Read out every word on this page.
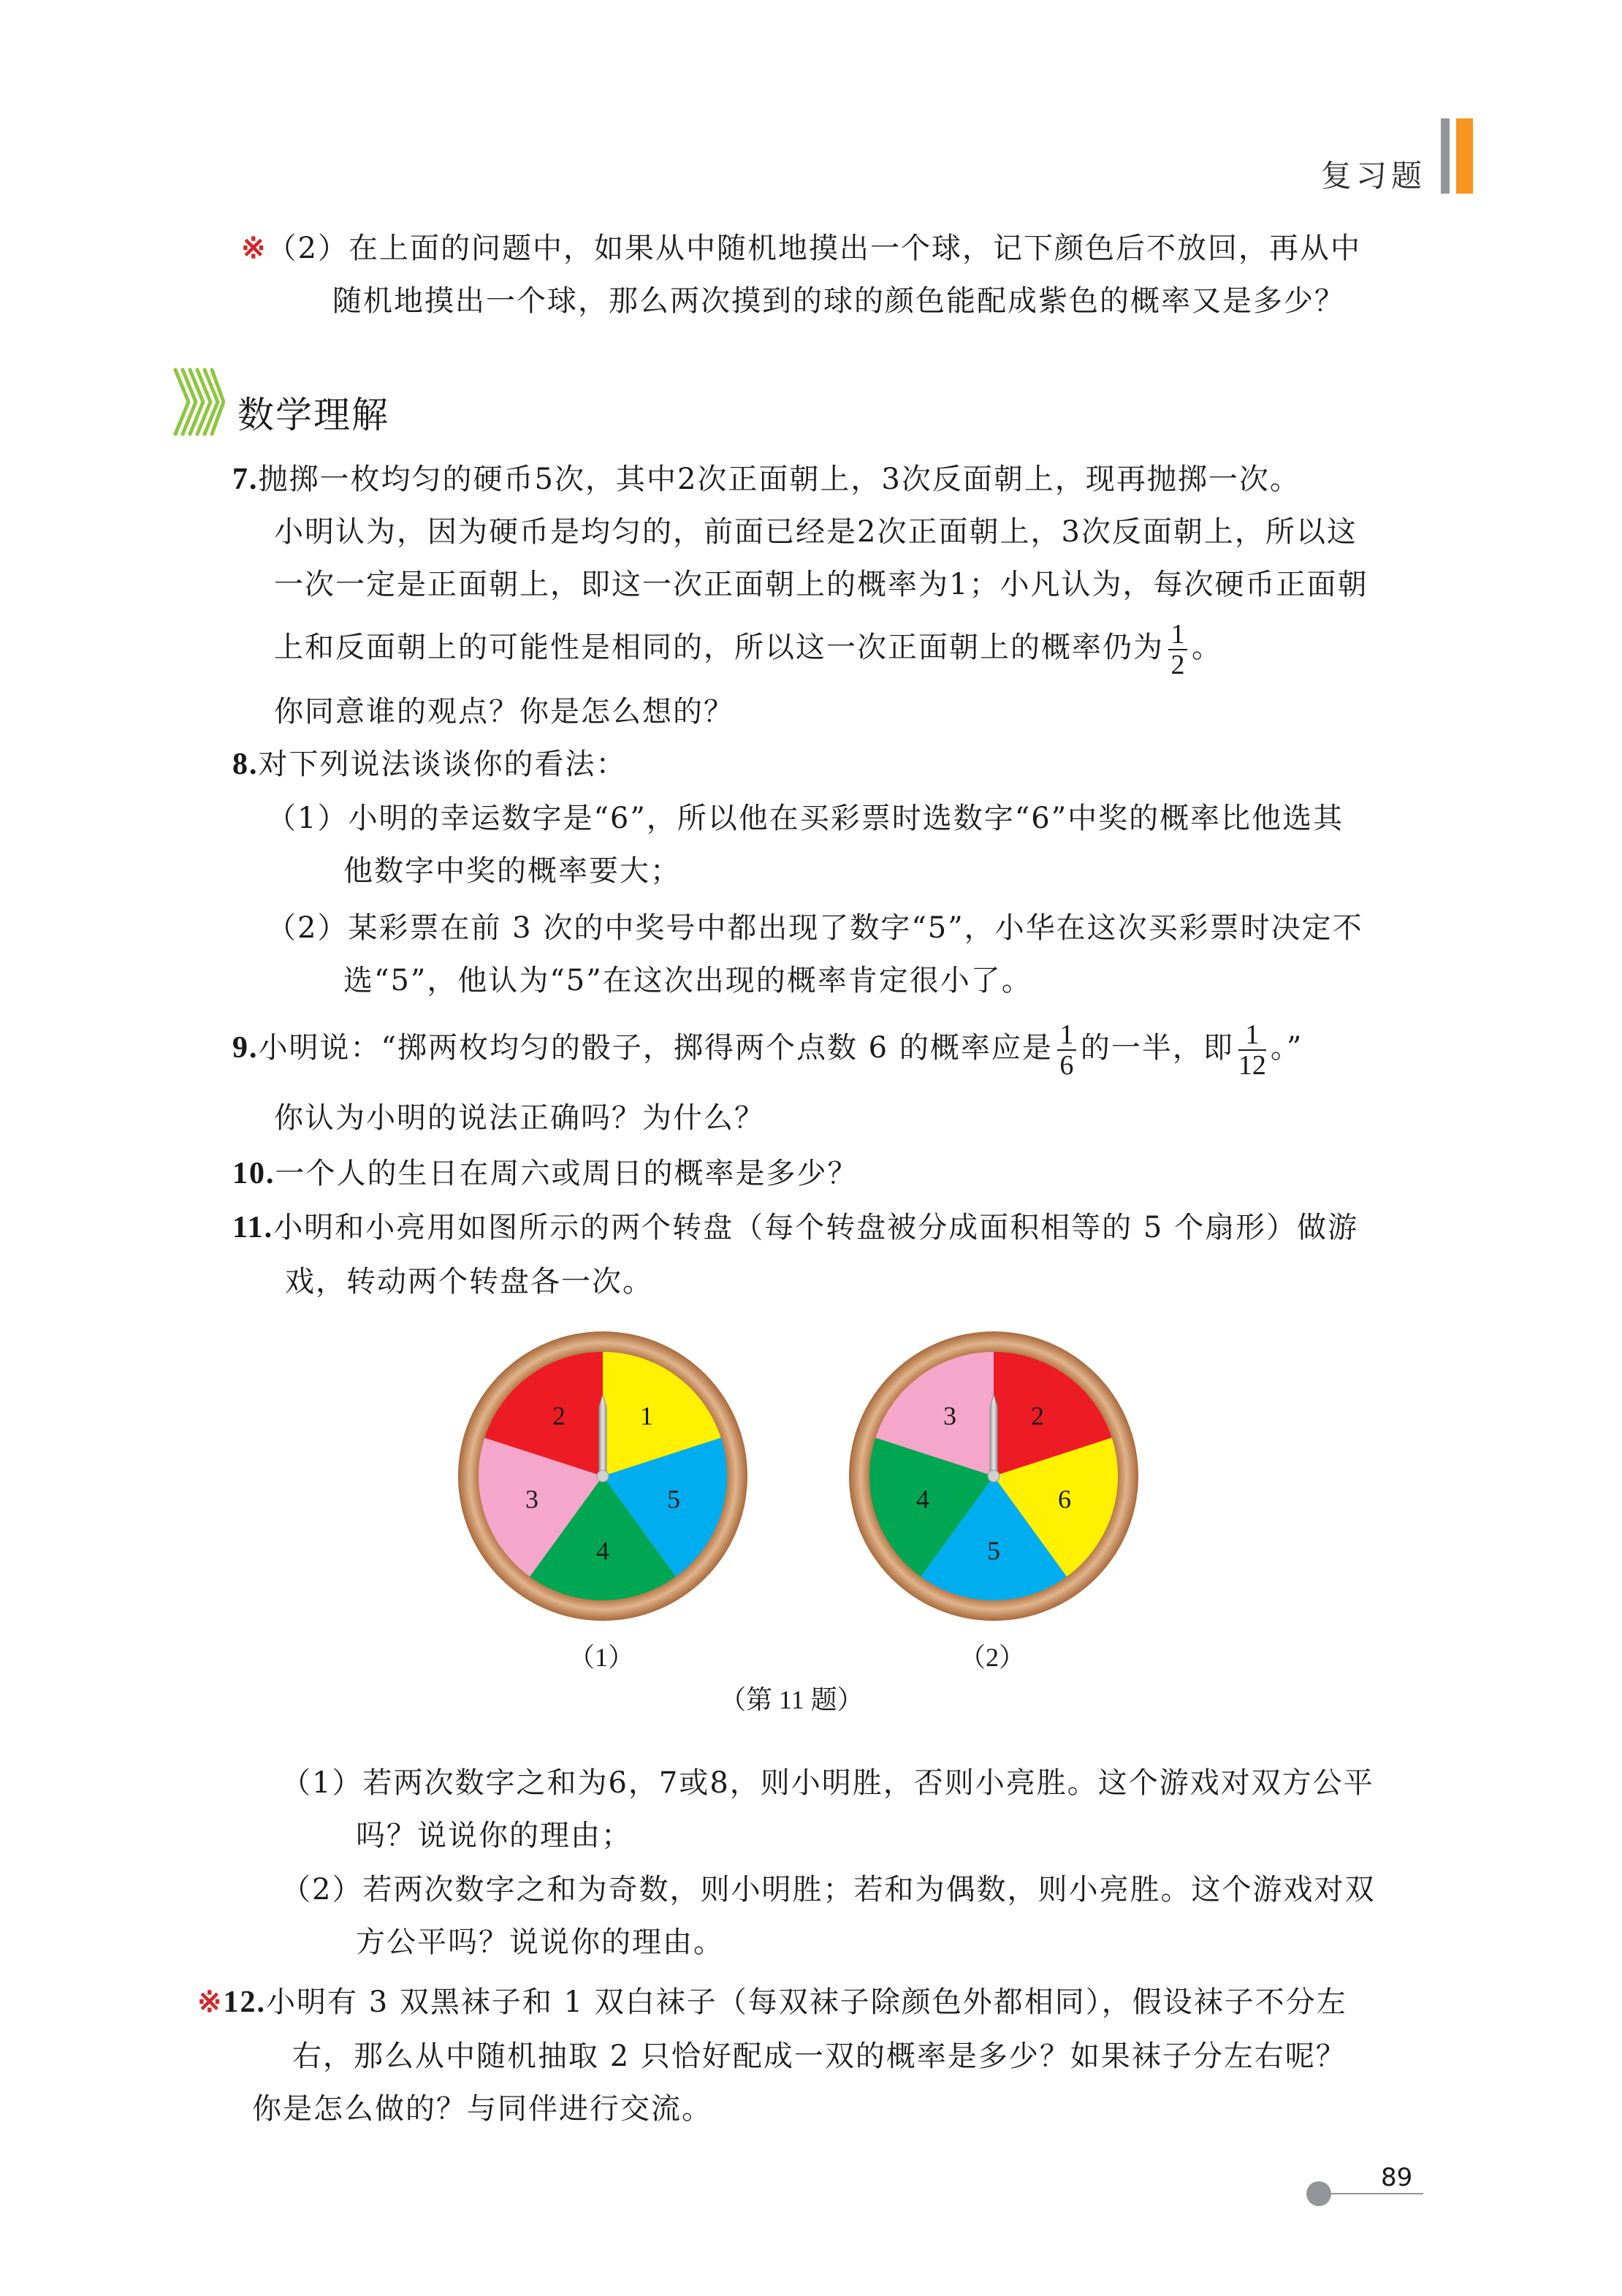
复习题
※（2）在上面的问题中，如果从中随机地摸出一个球，记下颜色后不放回，再从中
随机地摸出一个球，那么两次摸到的球的颜色能配成紫色的概率又是多少？
数学理解
7.抛掷一枚均匀的硬币5次，其中2次正面朝上，3次反面朝上，现再抛掷一次。
小明认为，因为硬币是均匀的，前面已经是2次正面朝上，3次反面朝上，所以这
一次一定是正面朝上，即这一次正面朝上的概率为1；小凡认为，每次硬币正面朝
上和反面朝上的可能性是相同的，所以这一次正面朝上的概率仍为 $\frac{1}{2}$ 。
你同意谁的观点？你是怎么想的？
8.对下列说法谈谈你的看法：
（1）小明的幸运数字是“6”，所以他在买彩票时选数字“6”中奖的概率比他选其
他数字中奖的概率要大；
（2）某彩票在前 3 次的中奖号中都出现了数字“5”，小华在这次买彩票时决定不
选“5”，他认为“5”在这次出现的概率肯定很小了。
9.小明说：“掷两枚均匀的骰子，掷得两个点数 6 的概率应是 $\frac{1}{6}$ 的一半，即 $\frac{1}{12}$ 。”
你认为小明的说法正确吗？为什么？
10.一个人的生日在周六或周日的概率是多少？
11.小明和小亮用如图所示的两个转盘（每个转盘被分成面积相等的 5 个扇形）做游
戏，转动两个转盘各一次。
1
5
4
3
2	2
6
5
4
3
（1）	（2）
（第 11 题）
（1）若两次数字之和为6，7或8，则小明胜，否则小亮胜。这个游戏对双方公平
吗？说说你的理由；
（2）若两次数字之和为奇数，则小明胜；若和为偶数，则小亮胜。这个游戏对双
方公平吗？说说你的理由。
※12.小明有 3 双黑袜子和 1 双白袜子（每双袜子除颜色外都相同），假设袜子不分左
右，那么从中随机抽取 2 只恰好配成一双的概率是多少？如果袜子分左右呢？
你是怎么做的？与同伴进行交流。
89
